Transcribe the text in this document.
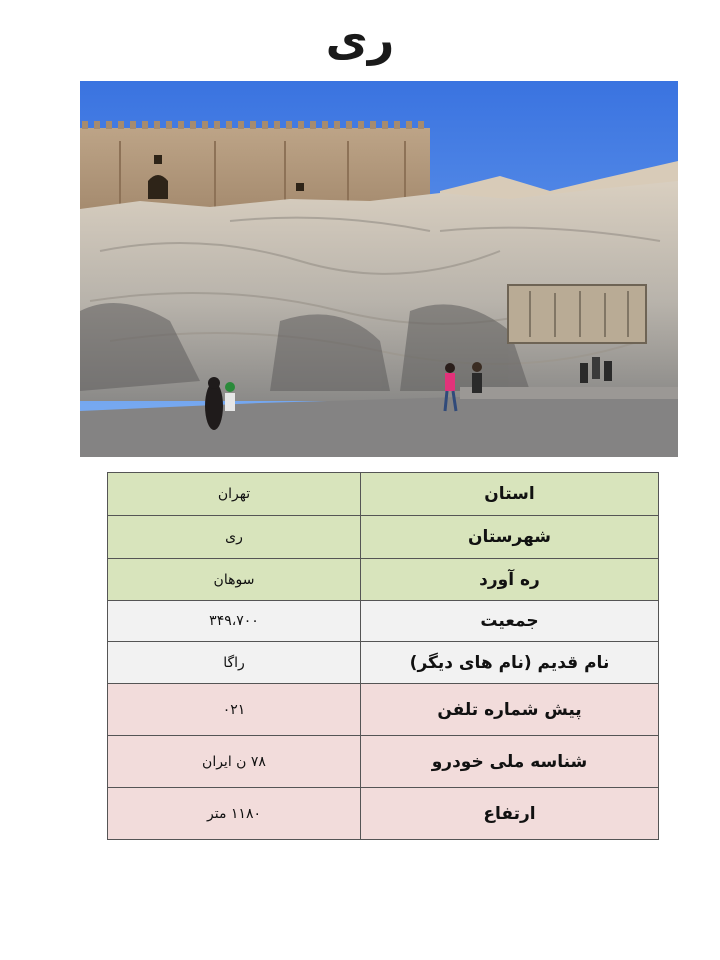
ری
استان	تهران
شهرستان	ری
ره آورد	سوهان
جمعیت	۳۴۹،۷۰۰
نام قدیم (نام های دیگر)	راگا
پیش شماره تلفن	۰۲۱
شناسه ملی خودرو	۷۸ ن ایران
ارتفاع	۱۱۸۰ متر
